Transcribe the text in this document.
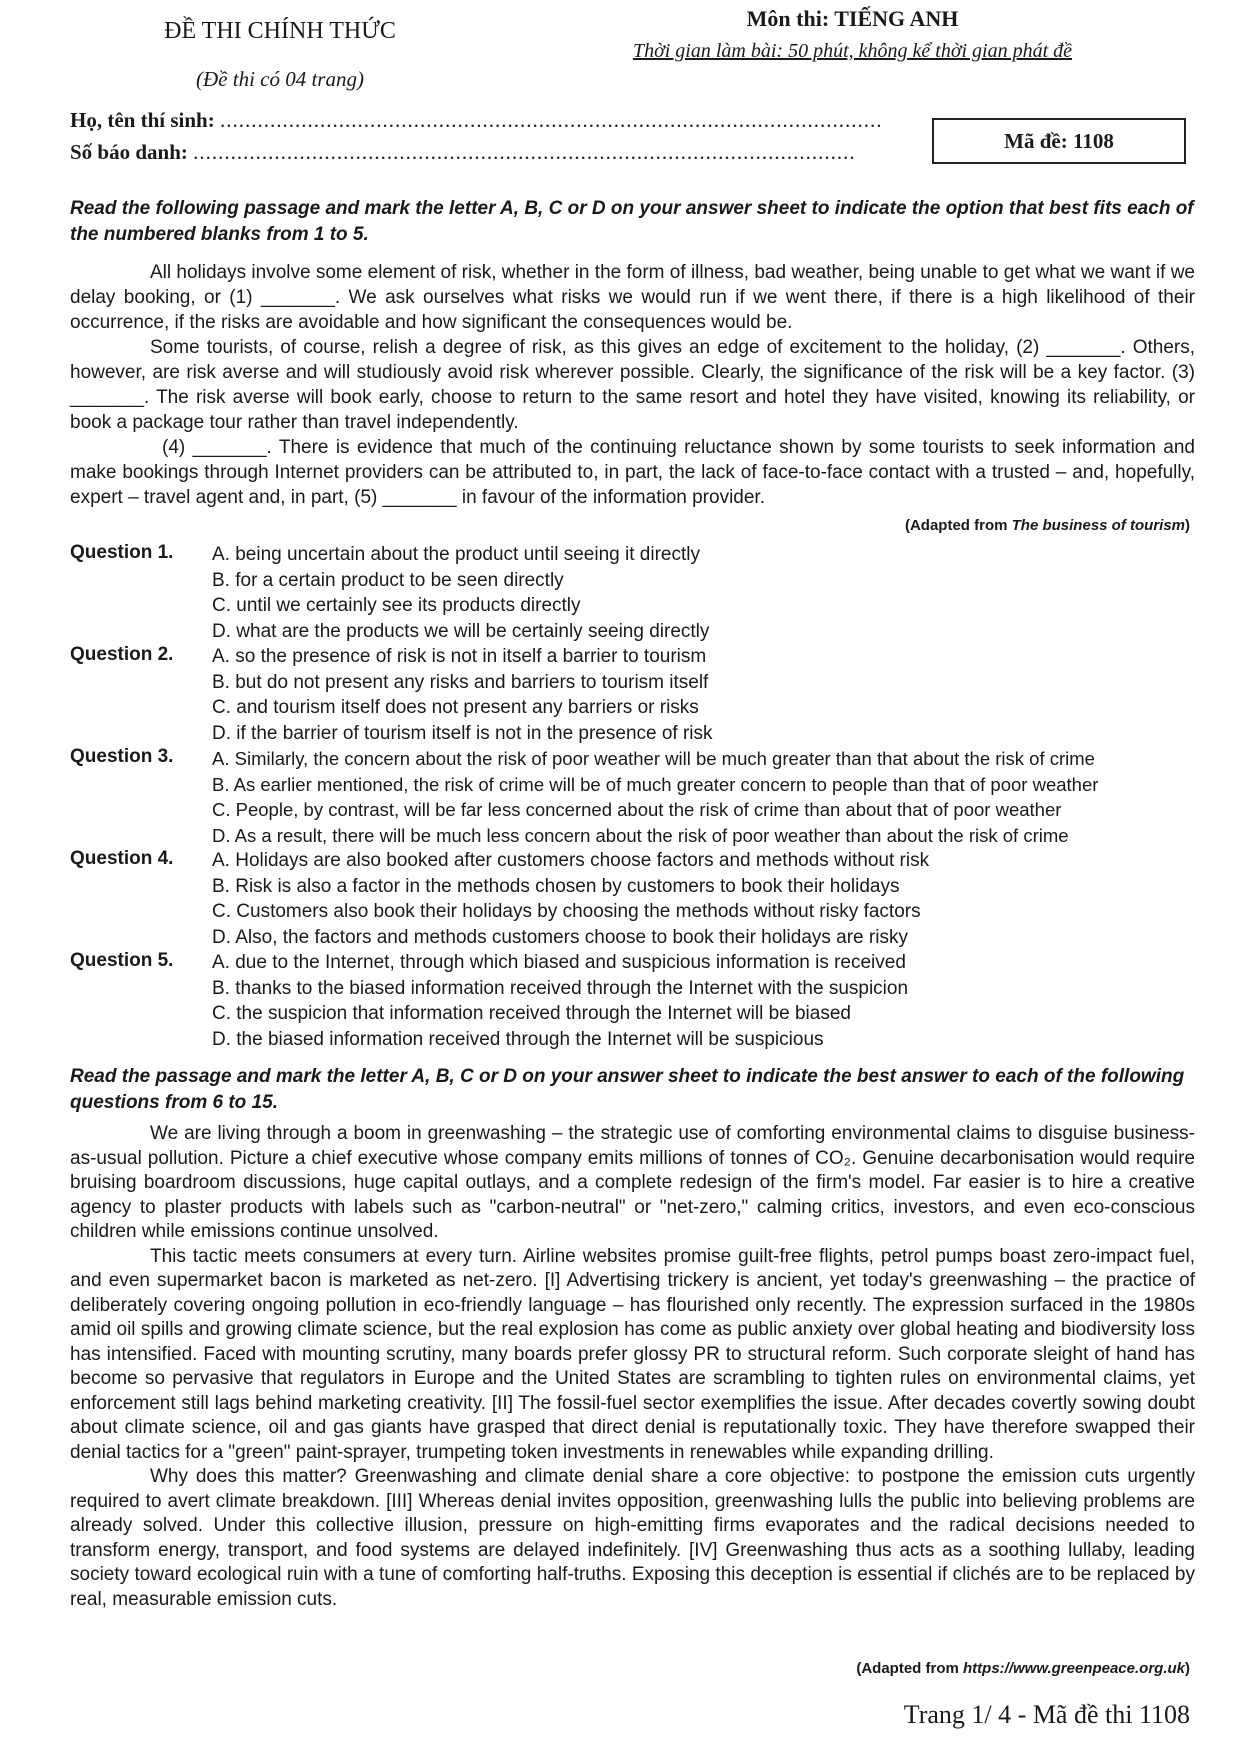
ĐỀ THI CHÍNH THỨC
(Đề thi có 04 trang)
Môn thi: TIẾNG ANH
Thời gian làm bài: 50 phút, không kể thời gian phát đề
Họ, tên thí sinh: ..........................................................................................................
Số báo danh: ..........................................................................................................	Mã đề: 1108
Read the following passage and mark the letter A, B, C or D on your answer sheet to indicate the option that best fits each of the numbered blanks from 1 to 5.

All holidays involve some element of risk, whether in the form of illness, bad weather, being unable to get what we want if we delay booking, or (1) _______. We ask ourselves what risks we would run if we went there, if there is a high likelihood of their occurrence, if the risks are avoidable and how significant the consequences would be.

Some tourists, of course, relish a degree of risk, as this gives an edge of excitement to the holiday, (2) _______. Others, however, are risk averse and will studiously avoid risk wherever possible. Clearly, the significance of the risk will be a key factor. (3) _______. The risk averse will book early, choose to return to the same resort and hotel they have visited, knowing its reliability, or book a package tour rather than travel independently.

(4) _______. There is evidence that much of the continuing reluctance shown by some tourists to seek information and make bookings through Internet providers can be attributed to, in part, the lack of face-to-face contact with a trusted – and, hopefully, expert – travel agent and, in part, (5) _______ in favour of the information provider.

(Adapted from The business of tourism)
Question 1. A. being uncertain about the product until seeing it directly
B. for a certain product to be seen directly
C. until we certainly see its products directly
D. what are the products we will be certainly seeing directly
Question 2. A. so the presence of risk is not in itself a barrier to tourism
B. but do not present any risks and barriers to tourism itself
C. and tourism itself does not present any barriers or risks
D. if the barrier of tourism itself is not in the presence of risk
Question 3. A. Similarly, the concern about the risk of poor weather will be much greater than that about the risk of crime
B. As earlier mentioned, the risk of crime will be of much greater concern to people than that of poor weather
C. People, by contrast, will be far less concerned about the risk of crime than about that of poor weather
D. As a result, there will be much less concern about the risk of poor weather than about the risk of crime
Question 4. A. Holidays are also booked after customers choose factors and methods without risk
B. Risk is also a factor in the methods chosen by customers to book their holidays
C. Customers also book their holidays by choosing the methods without risky factors
D. Also, the factors and methods customers choose to book their holidays are risky
Question 5. A. due to the Internet, through which biased and suspicious information is received
B. thanks to the biased information received through the Internet with the suspicion
C. the suspicion that information received through the Internet will be biased
D. the biased information received through the Internet will be suspicious
Read the passage and mark the letter A, B, C or D on your answer sheet to indicate the best answer to each of the following questions from 6 to 15.

We are living through a boom in greenwashing – the strategic use of comforting environmental claims to disguise business-as-usual pollution. Picture a chief executive whose company emits millions of tonnes of CO₂. Genuine decarbonisation would require bruising boardroom discussions, huge capital outlays, and a complete redesign of the firm's model. Far easier is to hire a creative agency to plaster products with labels such as "carbon-neutral" or "net-zero," calming critics, investors, and even eco-conscious children while emissions continue unsolved.

This tactic meets consumers at every turn. Airline websites promise guilt-free flights, petrol pumps boast zero-impact fuel, and even supermarket bacon is marketed as net-zero. [I] Advertising trickery is ancient, yet today's greenwashing – the practice of deliberately covering ongoing pollution in eco-friendly language – has flourished only recently. The expression surfaced in the 1980s amid oil spills and growing climate science, but the real explosion has come as public anxiety over global heating and biodiversity loss has intensified. Faced with mounting scrutiny, many boards prefer glossy PR to structural reform. Such corporate sleight of hand has become so pervasive that regulators in Europe and the United States are scrambling to tighten rules on environmental claims, yet enforcement still lags behind marketing creativity. [II] The fossil-fuel sector exemplifies the issue. After decades covertly sowing doubt about climate science, oil and gas giants have grasped that direct denial is reputationally toxic. They have therefore swapped their denial tactics for a "green" paint-sprayer, trumpeting token investments in renewables while expanding drilling.

Why does this matter? Greenwashing and climate denial share a core objective: to postpone the emission cuts urgently required to avert climate breakdown. [III] Whereas denial invites opposition, greenwashing lulls the public into believing problems are already solved. Under this collective illusion, pressure on high-emitting firms evaporates and the radical decisions needed to transform energy, transport, and food systems are delayed indefinitely. [IV] Greenwashing thus acts as a soothing lullaby, leading society toward ecological ruin with a tune of comforting half-truths. Exposing this deception is essential if clichés are to be replaced by real, measurable emission cuts.

(Adapted from https://www.greenpeace.org.uk)
Trang 1/ 4 - Mã đề thi 1108
